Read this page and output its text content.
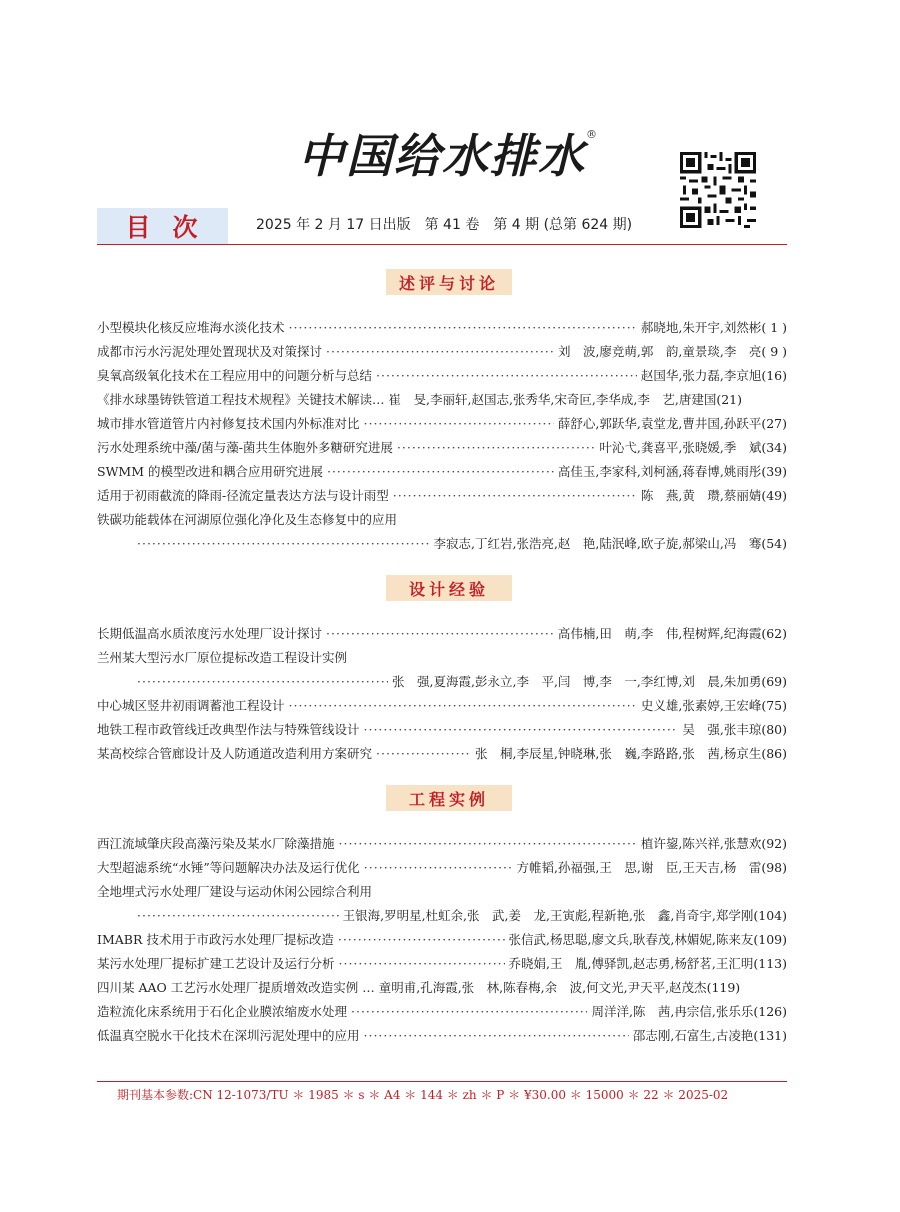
中国给水排水 ®
目次	2025 年 2 月 17 日出版　第 41 卷　第 4 期 (总第 624 期)
述评与讨论
小型模块化核反应堆海水淡化技术 ·····	郝晓地,朱开宇,刘然彬 ( 1 )
成都市污水污泥处理处置现状及对策探讨 ·····	刘　波,廖竞萌,郭　韵,童景琰,李　亮 ( 9 )
臭氧高级氧化技术在工程应用中的问题分析与总结 ·····	赵国华,张力磊,李京旭 (16)
《排水球墨铸铁管道工程技术规程》关键技术解读… 崔　旻,李丽轩,赵国志,张秀华,宋奇叵,李华成,李　艺,唐建国 (21)
城市排水管道管片内衬修复技术国内外标准对比 ·····	薛舒心,郭跃华,袁堂龙,曹井国,孙跃平 (27)
污水处理系统中藻/菌与藻-菌共生体胞外多糖研究进展 ·····	叶沁弋,龚喜平,张晓媛,季　斌 (34)
SWMM 的模型改进和耦合应用研究进展 ·····	高佳玉,李家科,刘柯涵,蒋春博,姚雨彤 (39)
适用于初雨截流的降雨-径流定量表达方法与设计雨型 ·····	陈　燕,黄　瓒,蔡丽婧 (49)
铁碳功能载体在河湖原位强化净化及生态修复中的应用
·····
李寂志,丁红岩,张浩亮,赵　艳,陆泯峰,欧子旋,郝梁山,冯　骞 (54)
设计经验
长期低温高水质浓度污水处理厂设计探讨 ·····	高伟楠,田　萌,李　伟,程树辉,纪海霞 (62)
兰州某大型污水厂原位提标改造工程设计实例
·····
张　强,夏海霞,彭永立,李　平,闫　博,李　一,李红博,刘　晨,朱加勇 (69)
中心城区竖井初雨调蓄池工程设计 ·····	史义雄,张素婷,王宏峰 (75)
地铁工程市政管线迁改典型作法与特殊管线设计 ·····	吴　强,张丰琼 (80)
某高校综合管廊设计及人防通道改造利用方案研究 ·····	张　桐,李辰星,钟晓琳,张　巍,李路路,张　茜,杨京生 (86)
工程实例
西江流域肇庆段高藻污染及某水厂除藻措施 ·····	植许鋆,陈兴祥,张慧欢 (92)
大型超滤系统“水锤”等问题解决办法及运行优化 ·····	方帷韬,孙福强,王　思,谢　臣,王天吉,杨　雷 (98)
全地埋式污水处理厂建设与运动休闲公园综合利用
·····
王银海,罗明星,杜虹余,张　武,姜　龙,王寅彪,程新艳,张　鑫,肖奇宇,郑学刚 (104)
IMABR 技术用于市政污水处理厂提标改造 ·····	张信武,杨思聪,廖文兵,耿春茂,林媚妮,陈来友 (109)
某污水处理厂提标扩建工艺设计及运行分析 ·····	乔晓娟,王　胤,傅驿凯,赵志勇,杨舒茗,王汇明 (113)
四川某 AAO 工艺污水处理厂提质增效改造实例 … 童明甫,孔海霞,张　林,陈春梅,余　波,何文光,尹天平,赵茂杰 (119)
造粒流化床系统用于石化企业膜浓缩废水处理 ·····	周洋洋,陈　茜,冉宗信,张乐乐 (126)
低温真空脱水干化技术在深圳污泥处理中的应用 ·····	邵志刚,石富生,古凌艳 (131)
期刊基本参数:CN 12-1073/TU ＊ 1985 ＊ s ＊ A4 ＊ 144 ＊ zh ＊ P ＊ ¥30.00 ＊ 15000 ＊ 22 ＊ 2025-02
